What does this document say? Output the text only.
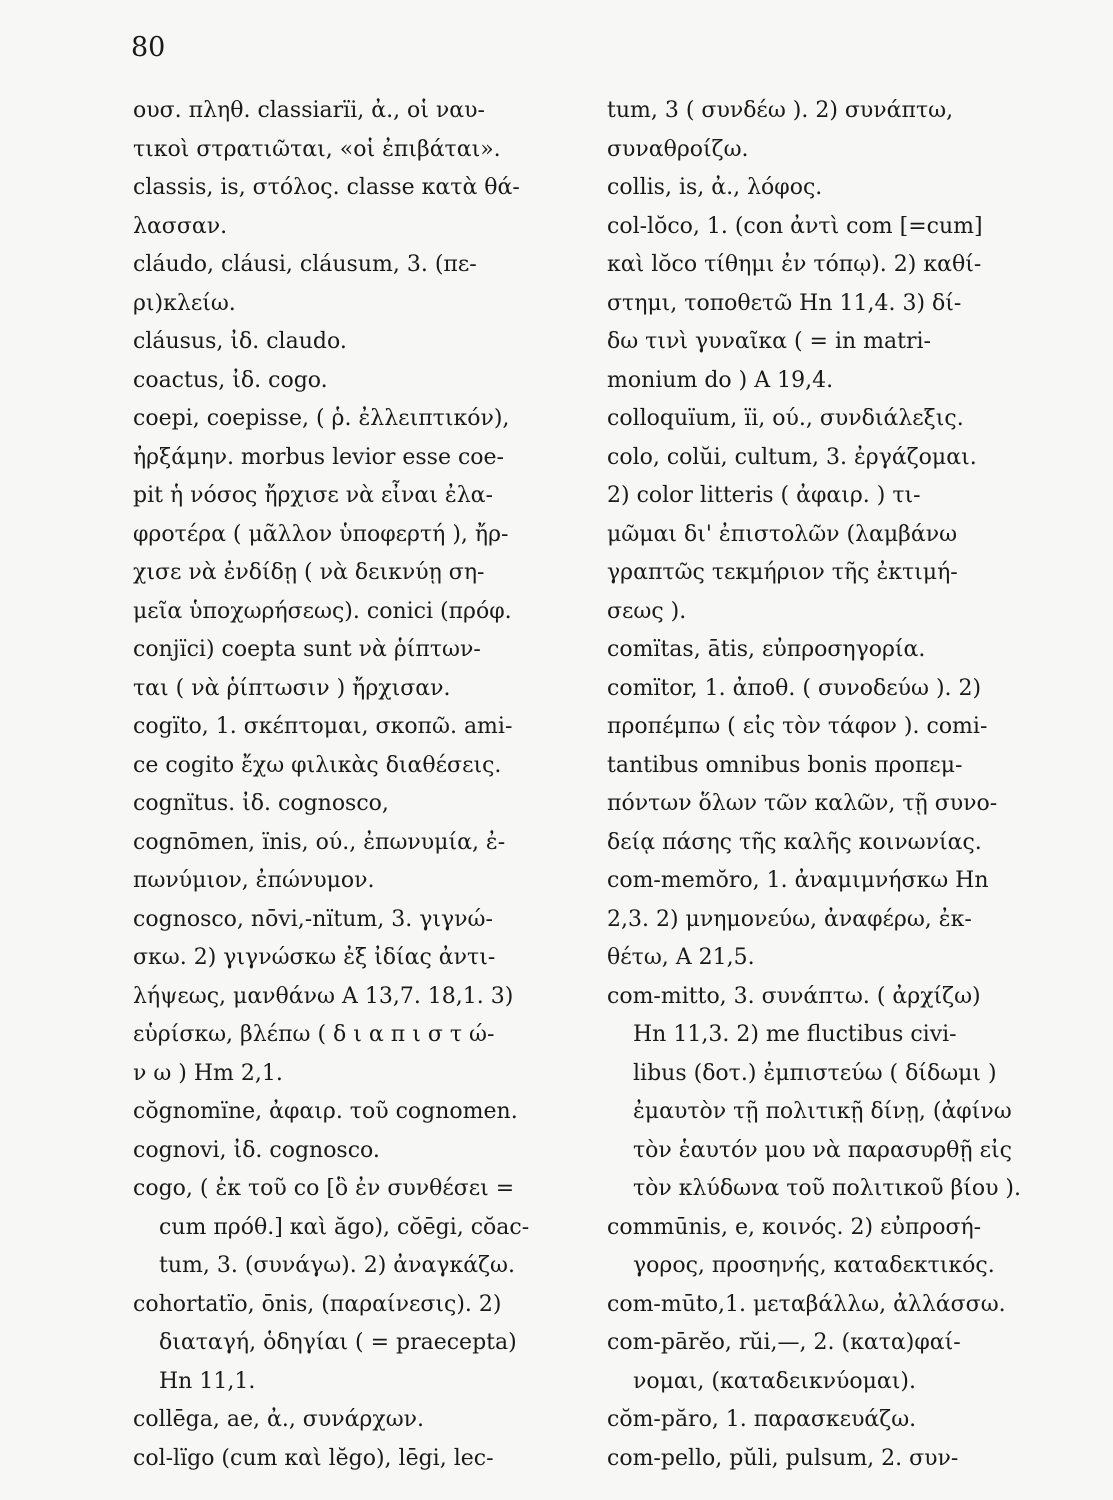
80

ουσ. πληθ. classiarïi, ἀ., οἱ ναυ-
τικοὶ στρατιῶται, «οἱ ἐπιβάται».
classis, is, στόλος. classe κατὰ θά-
λασσαν.
cláudo, cláusi, cláusum, 3. (πε-
ρι)κλείω.
cláusus, ἰδ. claudo.
coactus, ἰδ. cogo.
coepi, coepisse, ( ῥ. ἐλλειπτικόν),
ἠρξάμην. morbus levior esse coe-
pit ἡ νόσος ἤρχισε νὰ εἶναι ἐλα-
φροτέρα ( μᾶλλον ὑποφερτή ), ἤρ-
χισε νὰ ἐνδίδῃ ( νὰ δεικνύῃ ση-
μεῖα ὑποχωρήσεως). conici (πρόφ.
conjïci) coepta sunt νὰ ῥίπτων-
ται ( νὰ ῥίπτωσιν ) ἤρχισαν.
cogïto, 1. σκέπτομαι, σκοπῶ. ami-
ce cogito ἔχω φιλικὰς διαθέσεις.
cognïtus. ἰδ. cognosco,
cognōmen, ïnis, ού., ἐπωνυμία, ἐ-
πωνύμιον, ἐπώνυμον.
cognosco, nōvi,-nïtum, 3. γιγνώ-
σκω. 2) γιγνώσκω ἐξ ἰδίας ἀντι-
λήψεως, μανθάνω Α 13,7. 18,1. 3)
εὑρίσκω, βλέπω ( δ ι α π ι σ τ ώ-
ν ω ) Hm 2,1.
cŏgnomïne, ἀφαιρ. τοῦ cognomen.
cognovi, ἰδ. cognosco.
cogo, ( ἐκ τοῦ co [ὃ ἐν συνθέσει =
cum πρόθ.] καὶ ăgo), cŏēgi, cŏac-
tum, 3. (συνάγω). 2) ἀναγκάζω.
cohortatïo, ōnis, (παραίνεσις). 2)
διαταγή, ὁδηγίαι ( = praecepta)
Hn 11,1.
collēga, ae, ἀ., συνάρχων.
col-lïgo (cum καὶ lĕgo), lēgi, lec-
tum, 3 ( συνδέω ). 2) συνάπτω,
συναθροίζω.
collis, is, ἀ., λόφος.
col-lŏco, 1. (con ἀντὶ com [=cum]
καὶ lŏco τίθημι ἐν τόπῳ). 2) καθί-
στημι, τοποθετῶ Hn 11,4. 3) δί-
δω τινὶ γυναῖκα ( = in matri-
monium do ) Α 19,4.
colloquïum, ïi, ού., συνδιάλεξις.
colo, colŭi, cultum, 3. ἐργάζομαι.
2) color litteris ( ἀφαιρ. ) τι-
μῶμαι δι' ἐπιστολῶν (λαμβάνω
γραπτῶς τεκμήριον τῆς ἐκτιμή-
σεως ).
comïtas, ātis, εὐπροσηγορία.
comïtor, 1. ἀποθ. ( συνοδεύω ). 2)
προπέμπω ( εἰς τὸν τάφον ). comi-
tantibus omnibus bonis προπεμ-
πόντων ὅλων τῶν καλῶν, τῇ συνο-
δείᾳ πάσης τῆς καλῆς κοινωνίας.
com-memŏro, 1. ἀναμιμνήσκω Hn
2,3. 2) μνημονεύω, ἀναφέρω, ἐκ-
θέτω, Α 21,5.
com-mitto, 3. συνάπτω. ( ἀρχίζω)
Hn 11,3. 2) me fluctibus civi-
libus (δοτ.) ἐμπιστεύω ( δίδωμι )
ἐμαυτὸν τῇ πολιτικῇ δίνῃ, (ἀφίνω
τὸν ἑαυτόν μου νὰ παρασυρθῇ εἰς
τὸν κλύδωνα τοῦ πολιτικοῦ βίου ).
commūnis, e, κοινός. 2) εὐπροσή-
γορος, προσηνής, καταδεκτικός.
com-mūto,1. μεταβάλλω, ἀλλάσσω.
com-pārĕo, rŭi,—, 2. (κατα)φαί-
νομαι, (καταδεικνύομαι).
cŏm-păro, 1. παρασκευάζω.
com-pello, pŭli, pulsum, 2. συν-
